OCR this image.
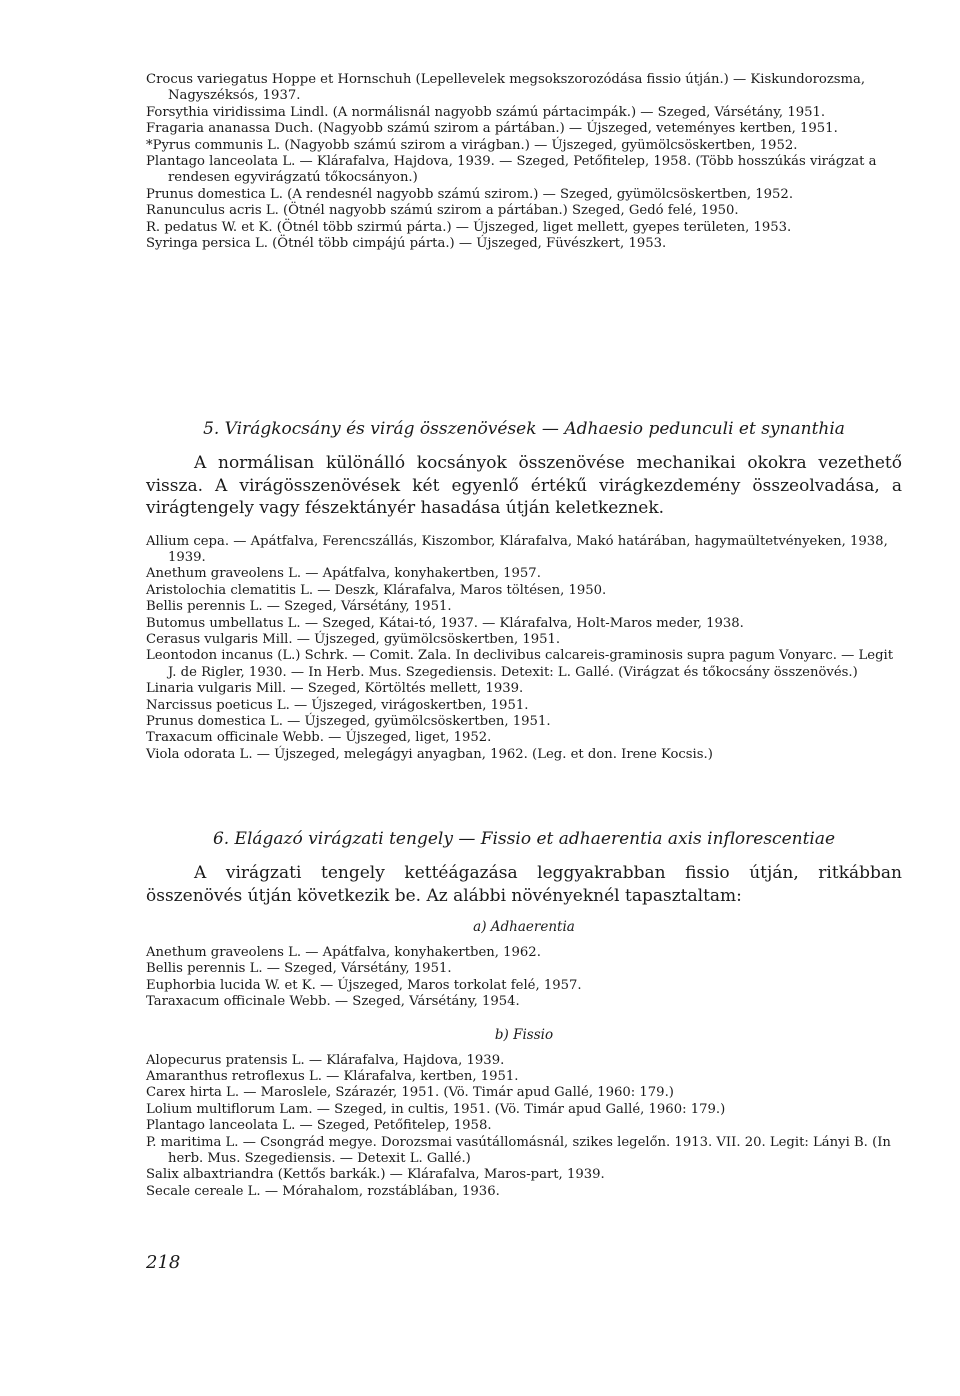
Crocus variegatus Hoppe et Hornschuh (Lepellevelek megsokszorozódása fissio útján.) — Kiskundorozsma, Nagyszéksós, 1937.

Forsythia viridissima Lindl. (A normálisnál nagyobb számú pártacimpák.) — Szeged, Vársétány, 1951.

Fragaria ananassa Duch. (Nagyobb számú szirom a pártában.) — Újszeged, veteményes kertben, 1951.

*Pyrus communis L. (Nagyobb számú szirom a virágban.) — Újszeged, gyümölcsöskertben, 1952.

Plantago lanceolata L. — Klárafalva, Hajdova, 1939. — Szeged, Petőfitelep, 1958. (Több hosszúkás virágzat a rendesen egyvirágzatú tőkocsányon.)

Prunus domestica L. (A rendesnél nagyobb számú szirom.) — Szeged, gyümölcsöskertben, 1952.

Ranunculus acris L. (Ötnél nagyobb számú szirom a pártában.) Szeged, Gedó felé, 1950.

R. pedatus W. et K. (Ötnél több szirmú párta.) — Újszeged, liget mellett, gyepes területen, 1953.

Syringa persica L. (Ötnél több cimpájú párta.) — Újszeged, Füvészkert, 1953.

5. Virágkocsány és virág összenövések — Adhaesio pedunculi et synanthia

A normálisan különálló kocsányok összenövése mechanikai okokra vezethető vissza. A virágösszenövések két egyenlő értékű virágkezdemény összeolvadása, a virágtengely vagy fészektányér hasadása útján keletkeznek.

Allium cepa. — Apátfalva, Ferencszállás, Kiszombor, Klárafalva, Makó határában, hagymaültetvényeken, 1938, 1939.

Anethum graveolens L. — Apátfalva, konyhakertben, 1957.

Aristolochia clematitis L. — Deszk, Klárafalva, Maros töltésen, 1950.

Bellis perennis L. — Szeged, Vársétány, 1951.

Butomus umbellatus L. — Szeged, Kátai-tó, 1937. — Klárafalva, Holt-Maros meder, 1938.

Cerasus vulgaris Mill. — Újszeged, gyümölcsöskertben, 1951.

Leontodon incanus (L.) Schrk. — Comit. Zala. In declivibus calcareis-graminosis supra pagum Vonyarc. — Legit J. de Rigler, 1930. — In Herb. Mus. Szegediensis. Detexit: L. Gallé. (Virágzat és tőkocsány összenövés.)

Linaria vulgaris Mill. — Szeged, Körtöltés mellett, 1939.

Narcissus poeticus L. — Újszeged, virágoskertben, 1951.

Prunus domestica L. — Újszeged, gyümölcsöskertben, 1951.

Traxacum officinale Webb. — Újszeged, liget, 1952.

Viola odorata L. — Újszeged, melegágyi anyagban, 1962. (Leg. et don. Irene Kocsis.)

6. Elágazó virágzati tengely — Fissio et adhaerentia axis inflorescentiae

A virágzati tengely kettéágazása leggyakrabban fissio útján, ritkábban összenövés útján következik be. Az alábbi növényeknél tapasztaltam:

a) Adhaerentia

Anethum graveolens L. — Apátfalva, konyhakertben, 1962.

Bellis perennis L. — Szeged, Vársétány, 1951.

Euphorbia lucida W. et K. — Újszeged, Maros torkolat felé, 1957.

Taraxacum officinale Webb. — Szeged, Vársétány, 1954.

b) Fissio

Alopecurus pratensis L. — Klárafalva, Hajdova, 1939.

Amaranthus retroflexus L. — Klárafalva, kertben, 1951.

Carex hirta L. — Maroslele, Szárazér, 1951. (Vö. Timár apud Gallé, 1960: 179.)

Lolium multiflorum Lam. — Szeged, in cultis, 1951. (Vö. Timár apud Gallé, 1960: 179.)

Plantago lanceolata L. — Szeged, Petőfitelep, 1958.

P. maritima L. — Csongrád megye. Dorozsmai vasútállomásnál, szikes legelőn. 1913. VII. 20. Legit: Lányi B. (In herb. Mus. Szegediensis. — Detexit L. Gallé.)

Salix albaxtriandra (Kettős barkák.) — Klárafalva, Maros-part, 1939.

Secale cereale L. — Mórahalom, rozstáblában, 1936.

218
